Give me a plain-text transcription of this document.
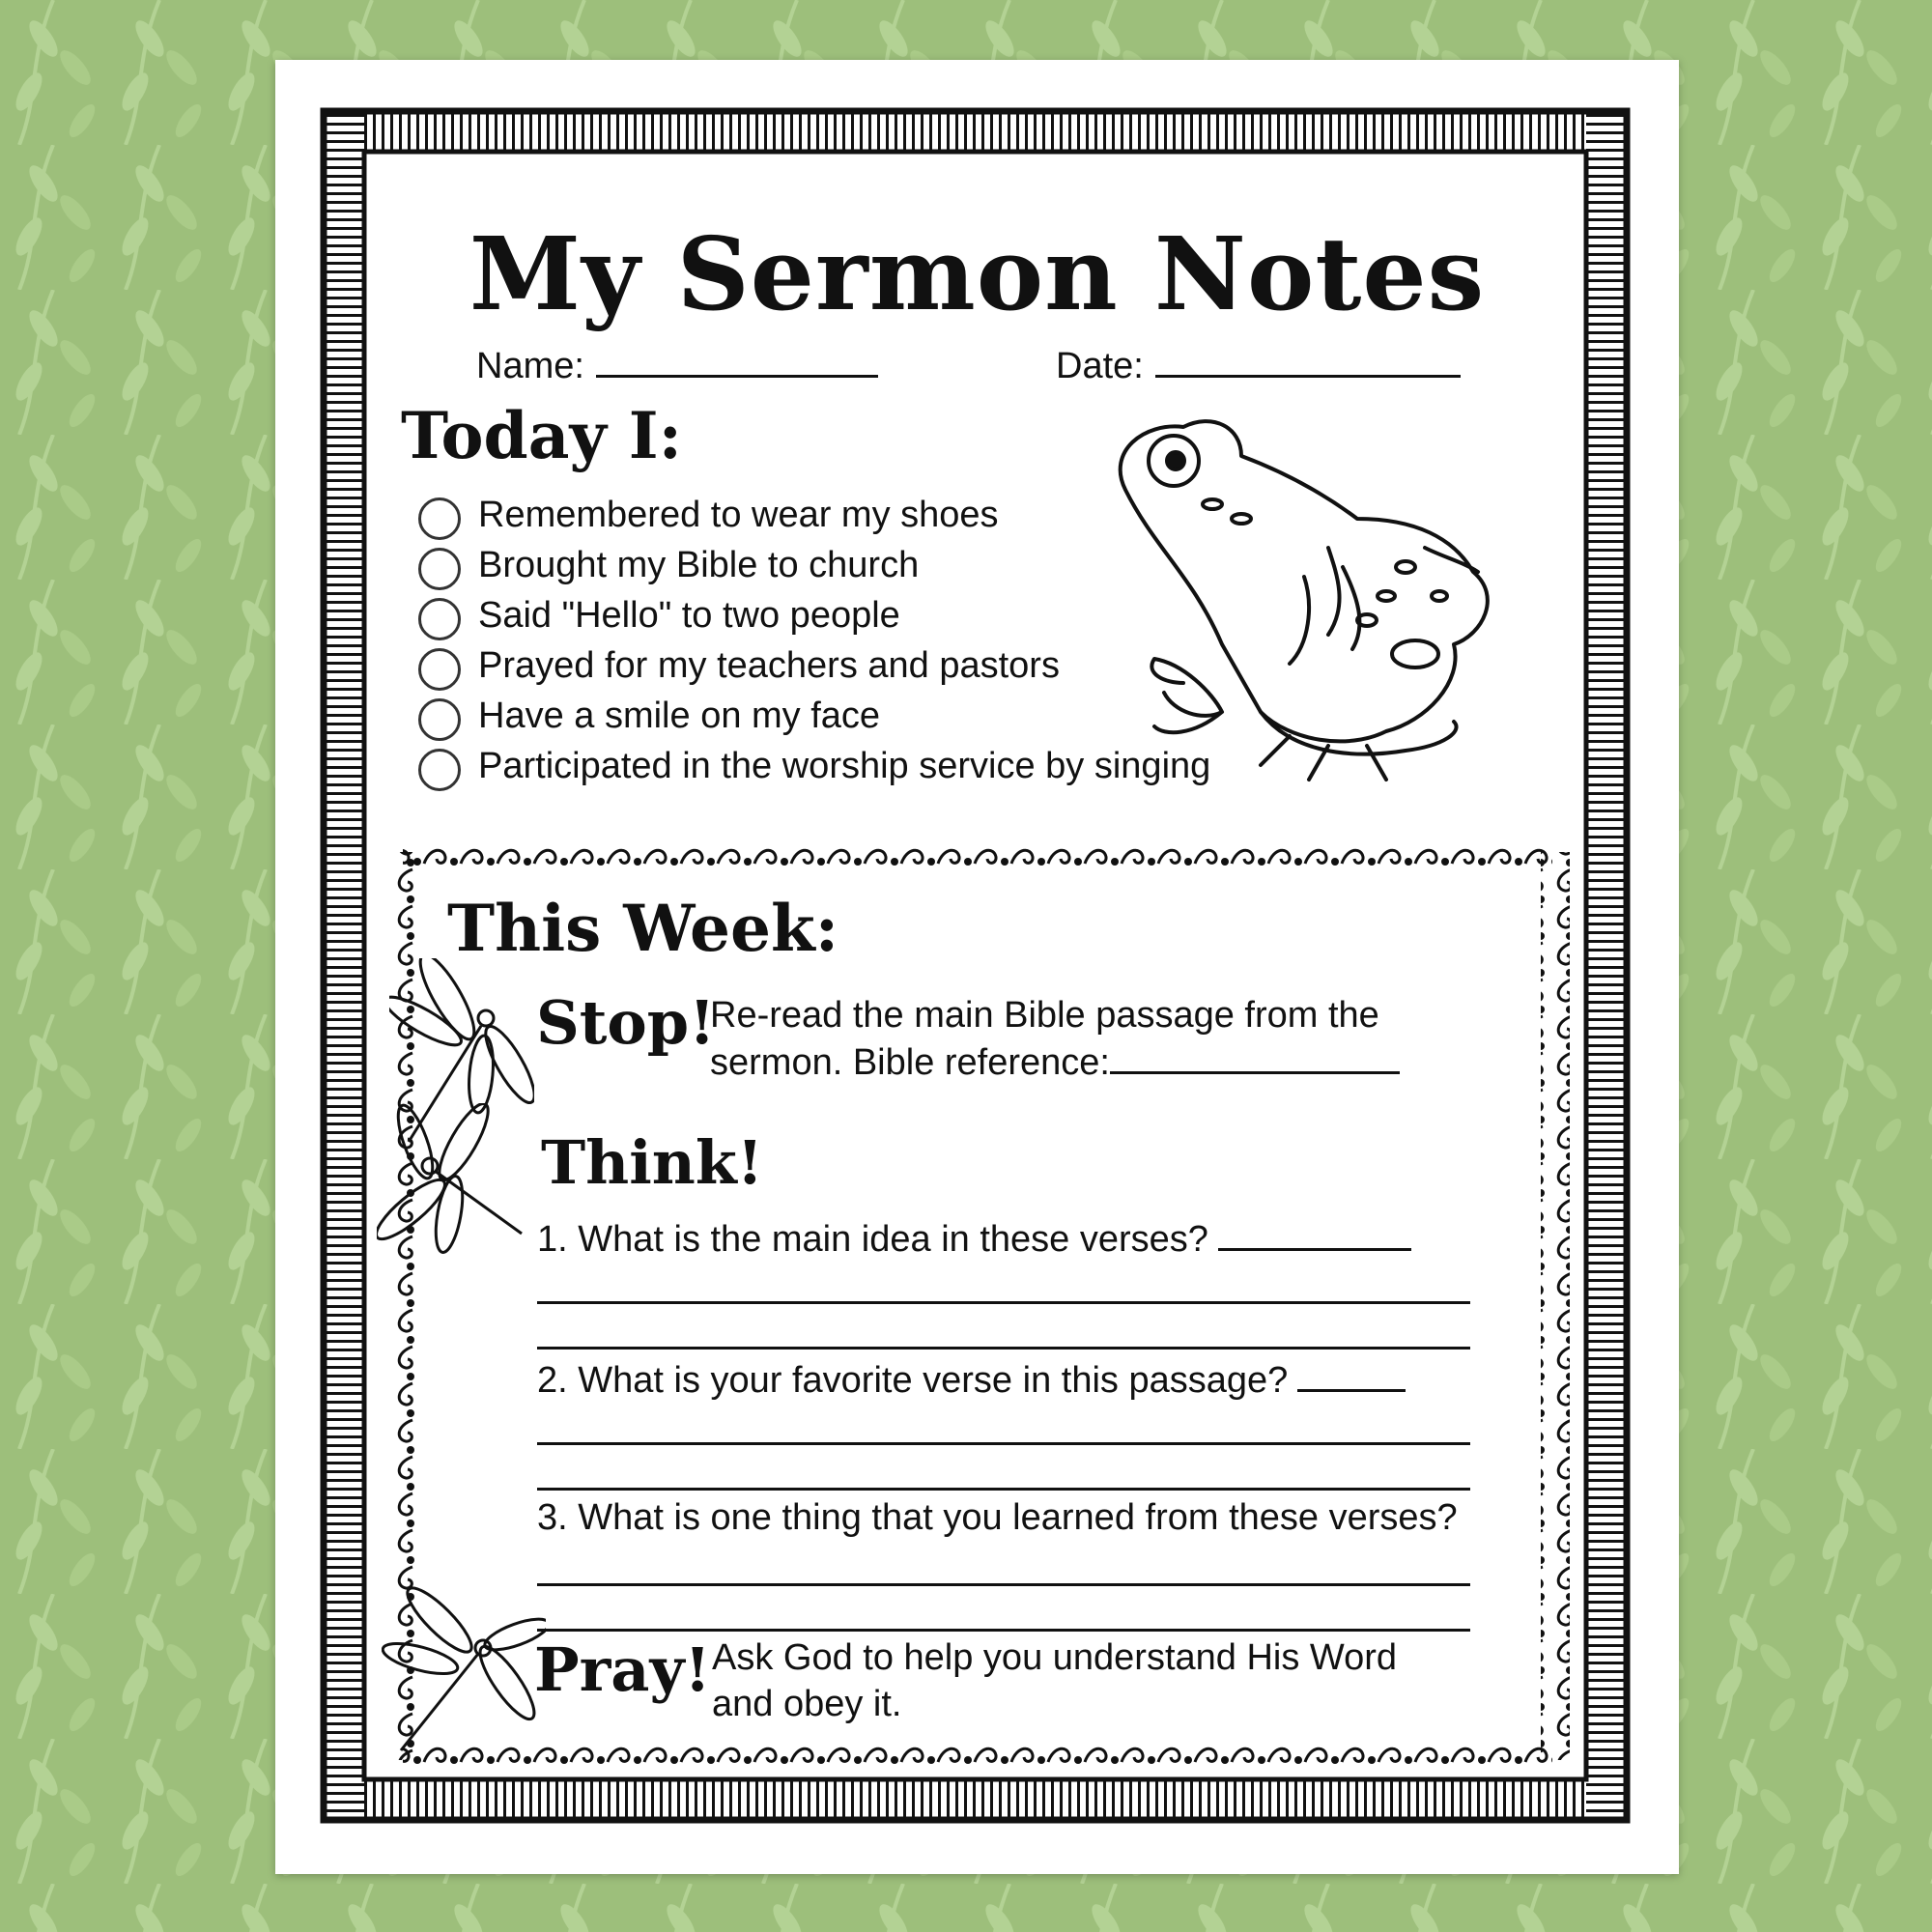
My Sermon Notes
Name:	Date:
Today I:
Remembered to wear my shoes
Brought my Bible to church
Said "Hello" to two people
Prayed for my teachers and pastors
Have a smile on my face
Participated in the worship service by singing
This Week:
Stop!
Re-read the main Bible passage from the
sermon. Bible reference:
Think!
1. What is the main idea in these verses?
2. What is your favorite verse in this passage?
3. What is one thing that you learned from these verses?
Pray! Ask God to help you understand His Word
and obey it.
